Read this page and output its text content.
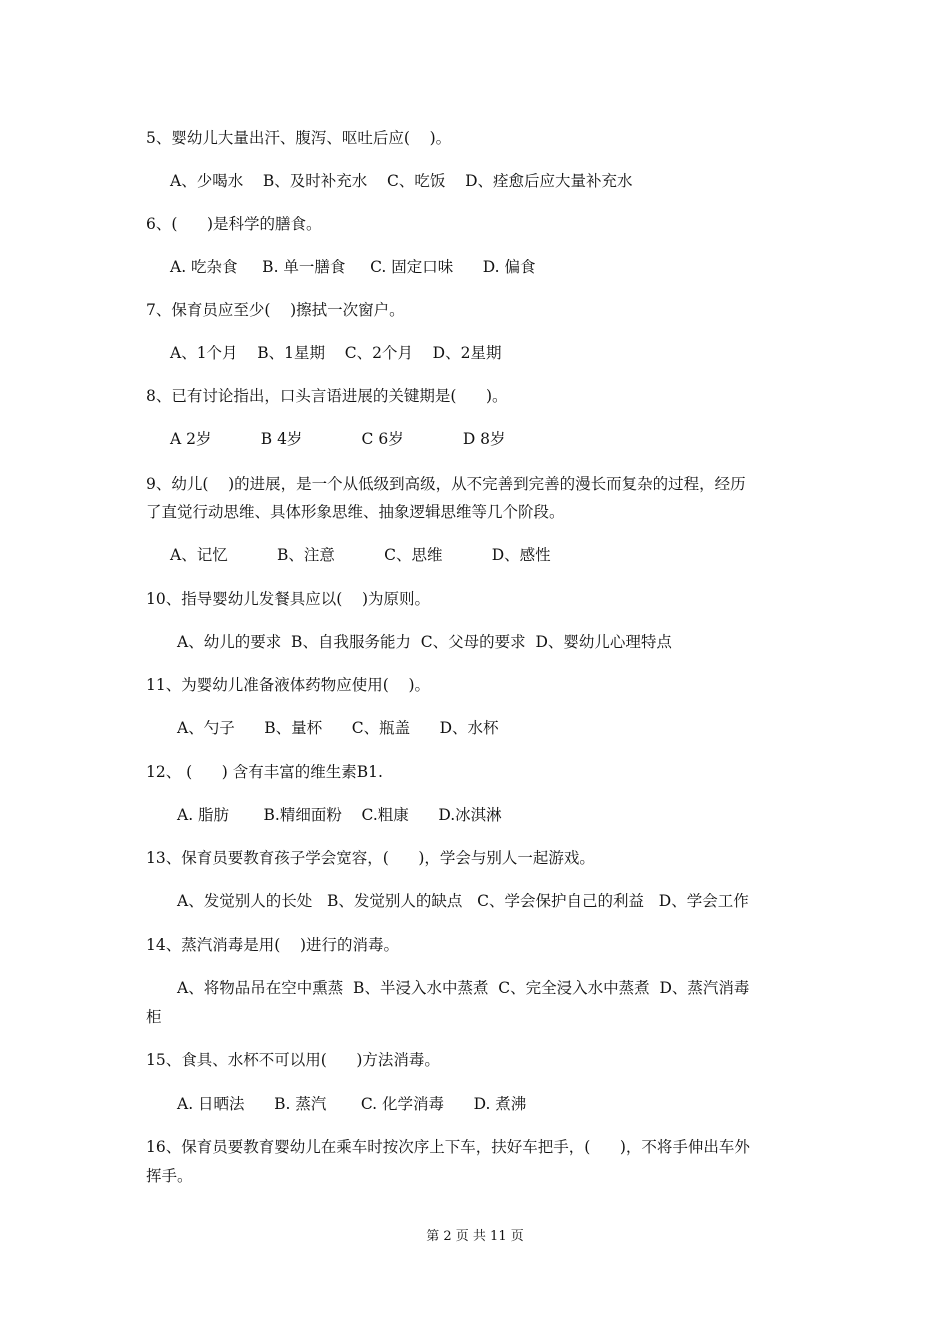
5、婴幼儿大量出汗、腹泻、呕吐后应(    )。
A、少喝水    B、及时补充水    C、吃饭    D、痊愈后应大量补充水
6、(      )是科学的膳食。
A. 吃杂食     B. 单一膳食     C. 固定口味      D. 偏食
7、保育员应至少(    )擦拭一次窗户。
A、1个月    B、1星期    C、2个月    D、2星期
8、已有讨论指出，口头言语进展的关键期是(      )。
A 2岁          B 4岁            C 6岁            D 8岁
9、幼儿(    )的进展，是一个从低级到高级，从不完善到完善的漫长而复杂的过程，经历
了直觉行动思维、具体形象思维、抽象逻辑思维等几个阶段。
A、记忆          B、注意          C、思维          D、感性
10、指导婴幼儿发餐具应以(    )为原则。
A、幼儿的要求  B、自我服务能力  C、父母的要求  D、婴幼儿心理特点
11、为婴幼儿准备液体药物应使用(    )。
A、勺子      B、量杯      C、瓶盖      D、水杯
12、 (      ) 含有丰富的维生素B1.
A. 脂肪       B.精细面粉    C.粗康      D.冰淇淋
13、保育员要教育孩子学会宽容，(      )，学会与别人一起游戏。
A、发觉别人的长处   B、发觉别人的缺点   C、学会保护自己的利益   D、学会工作
14、蒸汽消毒是用(    )进行的消毒。
A、将物品吊在空中熏蒸  B、半浸入水中蒸煮  C、完全浸入水中蒸煮  D、蒸汽消毒
柜
15、食具、水杯不可以用(      )方法消毒。
A. 日晒法      B. 蒸汽       C. 化学消毒      D. 煮沸
16、保育员要教育婴幼儿在乘车时按次序上下车，扶好车把手，(      )，不将手伸出车外
挥手。
第 2 页 共 11 页
